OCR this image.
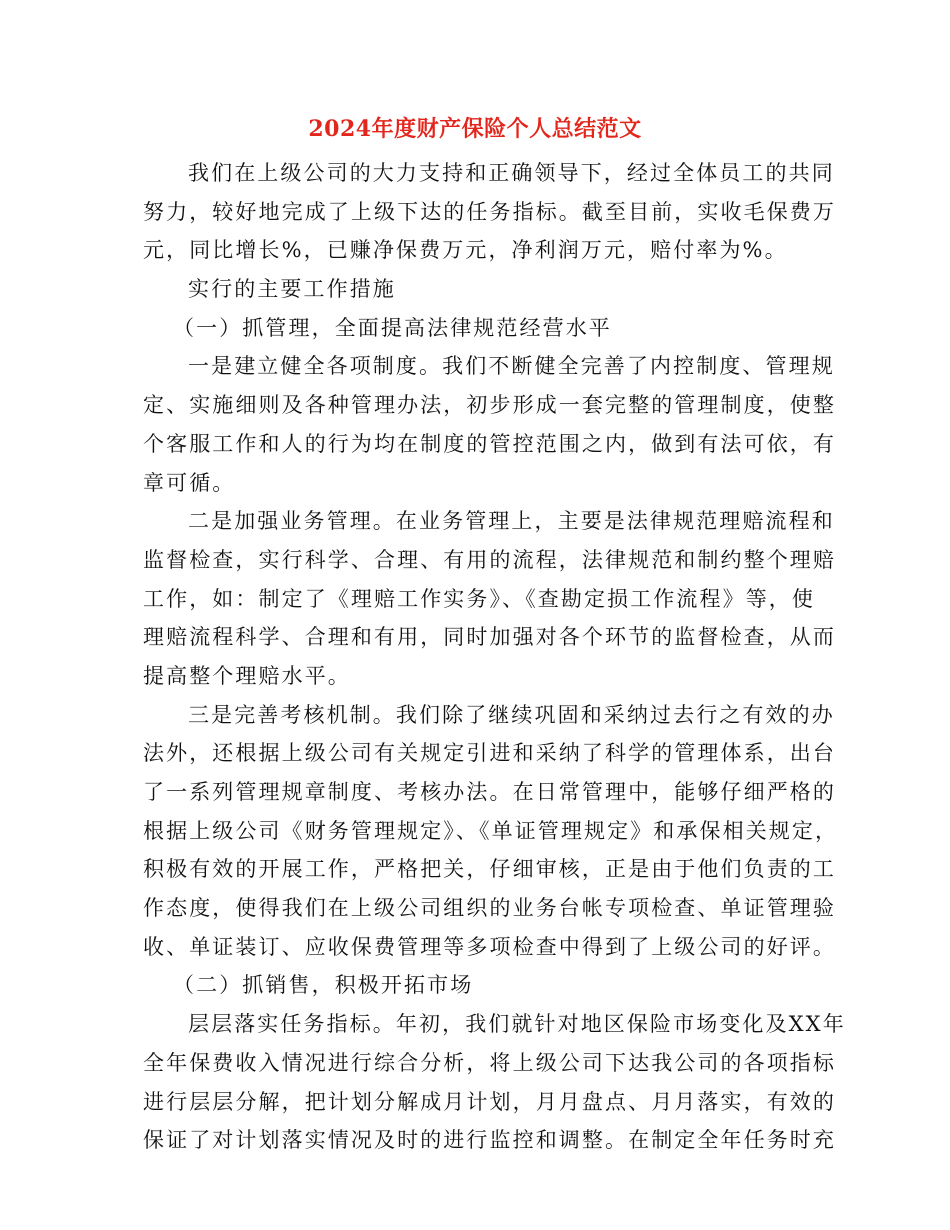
2024年度财产保险个人总结范文
我们在上级公司的大力支持和正确领导下，经过全体员工的共同
努力，较好地完成了上级下达的任务指标。截至目前，实收毛保费万
元，同比增长%，已赚净保费万元，净利润万元，赔付率为%。
实行的主要工作措施
（一）抓管理，全面提高法律规范经营水平
一是建立健全各项制度。我们不断健全完善了内控制度、管理规
定、实施细则及各种管理办法，初步形成一套完整的管理制度，使整
个客服工作和人的行为均在制度的管控范围之内，做到有法可依，有
章可循。
二是加强业务管理。在业务管理上，主要是法律规范理赔流程和
监督检查，实行科学、合理、有用的流程，法律规范和制约整个理赔
工作，如：制定了《理赔工作实务》、《查勘定损工作流程》等，使
理赔流程科学、合理和有用，同时加强对各个环节的监督检查，从而
提高整个理赔水平。
三是完善考核机制。我们除了继续巩固和采纳过去行之有效的办
法外，还根据上级公司有关规定引进和采纳了科学的管理体系，出台
了一系列管理规章制度、考核办法。在日常管理中，能够仔细严格的
根据上级公司《财务管理规定》、《单证管理规定》和承保相关规定，
积极有效的开展工作，严格把关，仔细审核，正是由于他们负责的工
作态度，使得我们在上级公司组织的业务台帐专项检查、单证管理验
收、单证装订、应收保费管理等多项检查中得到了上级公司的好评。
（二）抓销售，积极开拓市场
层层落实任务指标。年初，我们就针对地区保险市场变化及XX年
全年保费收入情况进行综合分析，将上级公司下达我公司的各项指标
进行层层分解，把计划分解成月计划，月月盘点、月月落实，有效的
保证了对计划落实情况及时的进行监控和调整。在制定全年任务时充
